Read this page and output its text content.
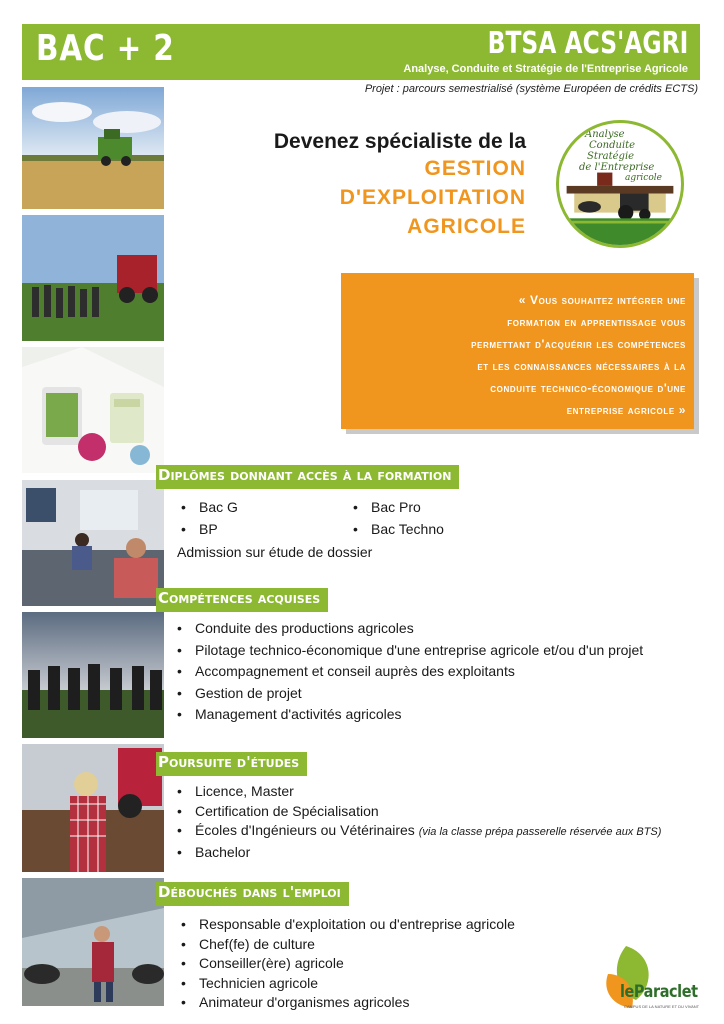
BAC + 2	BTSA ACS'AGRI
Analyse, Conduite et Stratégie de l'Entreprise Agricole
Projet : parcours semestrialisé (système Européen de crédits ECTS)
Devenez spécialiste de la
GESTION
D'EXPLOITATION
AGRICOLE
Analyse
Conduite
Stratégie
de l'Entreprise
agricole
« Vous souhaitez intégrer une
formation en apprentissage vous
permettant d'acquérir les compétences
et les connaissances nécessaires à la
conduite technico-économique d'une
entreprise agricole »
Diplômes donnant accès à la formation
• Bac G
• BP
• Bac Pro
• Bac Techno
Admission sur étude de dossier
Compétences acquises
• Conduite des productions agricoles
• Pilotage technico-économique d'une entreprise agricole et/ou d'un projet
• Accompagnement et conseil auprès des exploitants
• Gestion de projet
• Management d'activités agricoles
Poursuite d'études
• Licence, Master
• Certification de Spécialisation
• Écoles d'Ingénieurs ou Vétérinaires (via la classe prépa passerelle réservée aux BTS)
• Bachelor
Débouchés dans l'emploi
• Responsable d'exploitation ou d'entreprise agricole
• Chef(fe) de culture
• Conseiller(ère) agricole
• Technicien agricole
• Animateur d'organismes agricoles	leParaclet
CAMPUS DE LA NATURE ET DU VIVANT
